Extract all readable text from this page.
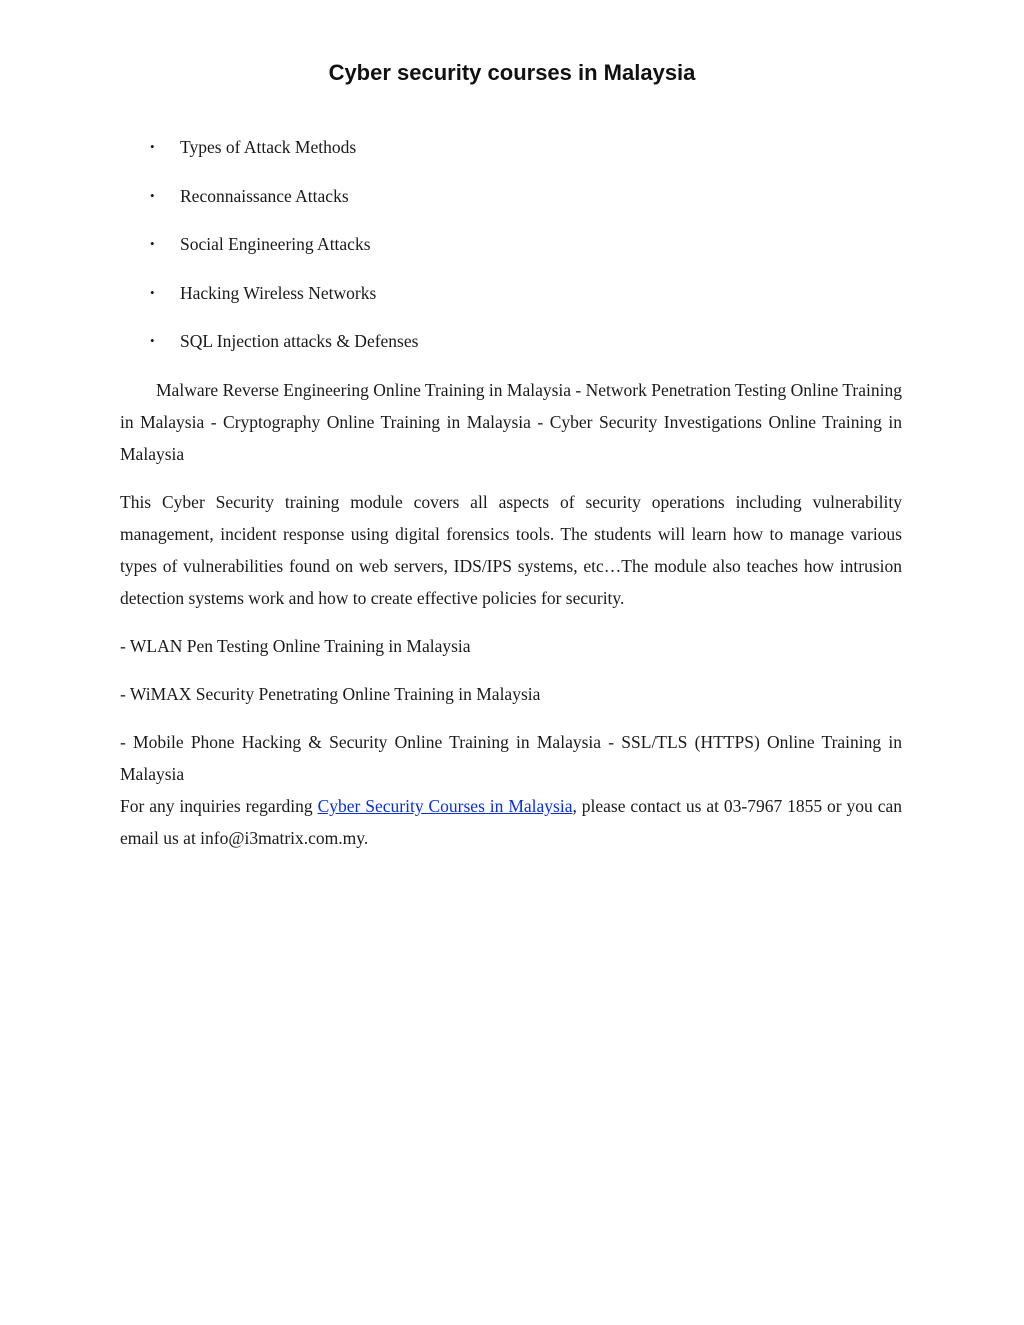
Cyber security courses in Malaysia
• Types of Attack Methods
• Reconnaissance Attacks
• Social Engineering Attacks
• Hacking Wireless Networks
• SQL Injection attacks & Defenses

Malware Reverse Engineering Online Training in Malaysia - Network Penetration Testing Online Training in Malaysia - Cryptography Online Training in Malaysia - Cyber Security Investigations Online Training in Malaysia

This Cyber Security training module covers all aspects of security operations including vulnerability management, incident response using digital forensics tools. The students will learn how to manage various types of vulnerabilities found on web servers, IDS/IPS systems, etc…The module also teaches how intrusion detection systems work and how to create effective policies for security.

- WLAN Pen Testing Online Training in Malaysia

- WiMAX Security Penetrating Online Training in Malaysia

- Mobile Phone Hacking & Security Online Training in Malaysia - SSL/TLS (HTTPS) Online Training in Malaysia

For any inquiries regarding Cyber Security Courses in Malaysia, please contact us at 03-7967 1855 or you can email us at info@i3matrix.com.my.
